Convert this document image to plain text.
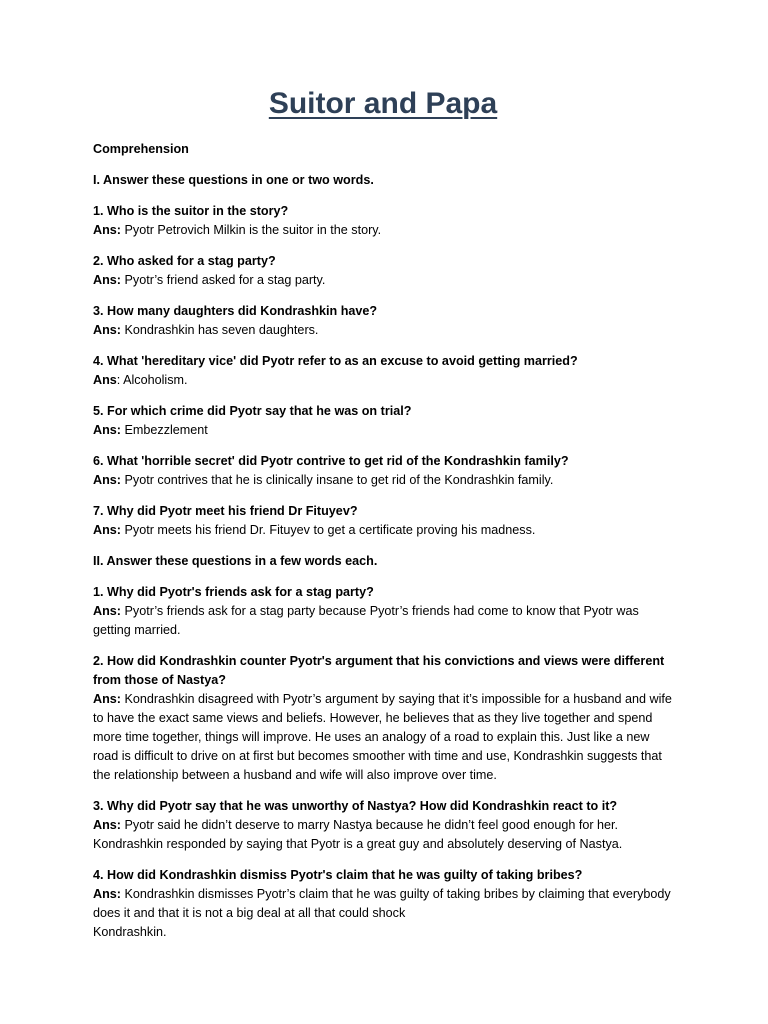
Suitor and Papa
Comprehension
I. Answer these questions in one or two words.
1. Who is the suitor in the story?
Ans: Pyotr Petrovich Milkin is the suitor in the story.
2. Who asked for a stag party?
Ans: Pyotr’s friend asked for a stag party.
3. How many daughters did Kondrashkin have?
Ans: Kondrashkin has seven daughters.
4. What 'hereditary vice' did Pyotr refer to as an excuse to avoid getting married?
Ans: Alcoholism.
5. For which crime did Pyotr say that he was on trial?
Ans: Embezzlement
6. What 'horrible secret' did Pyotr contrive to get rid of the Kondrashkin family?
Ans: Pyotr contrives that he is clinically insane to get rid of the Kondrashkin family.
7. Why did Pyotr meet his friend Dr Fituyev?
Ans: Pyotr meets his friend Dr. Fituyev to get a certificate proving his madness.
II. Answer these questions in a few words each.
1. Why did Pyotr's friends ask for a stag party?
Ans: Pyotr’s friends ask for a stag party because Pyotr’s friends had come to know that Pyotr was getting married.
2. How did Kondrashkin counter Pyotr's argument that his convictions and views were different from those of Nastya?
Ans: Kondrashkin disagreed with Pyotr’s argument by saying that it’s impossible for a husband and wife to have the exact same views and beliefs. However, he believes that as they live together and spend more time together, things will improve. He uses an analogy of a road to explain this. Just like a new road is difficult to drive on at first but becomes smoother with time and use, Kondrashkin suggests that the relationship between a husband and wife will also improve over time.
3. Why did Pyotr say that he was unworthy of Nastya? How did Kondrashkin react to it?
Ans: Pyotr said he didn’t deserve to marry Nastya because he didn’t feel good enough for her. Kondrashkin responded by saying that Pyotr is a great guy and absolutely deserving of Nastya.
4. How did Kondrashkin dismiss Pyotr's claim that he was guilty of taking bribes?
Ans: Kondrashkin dismisses Pyotr’s claim that he was guilty of taking bribes by claiming that everybody does it and that it is not a big deal at all that could shock
Kondrashkin.
